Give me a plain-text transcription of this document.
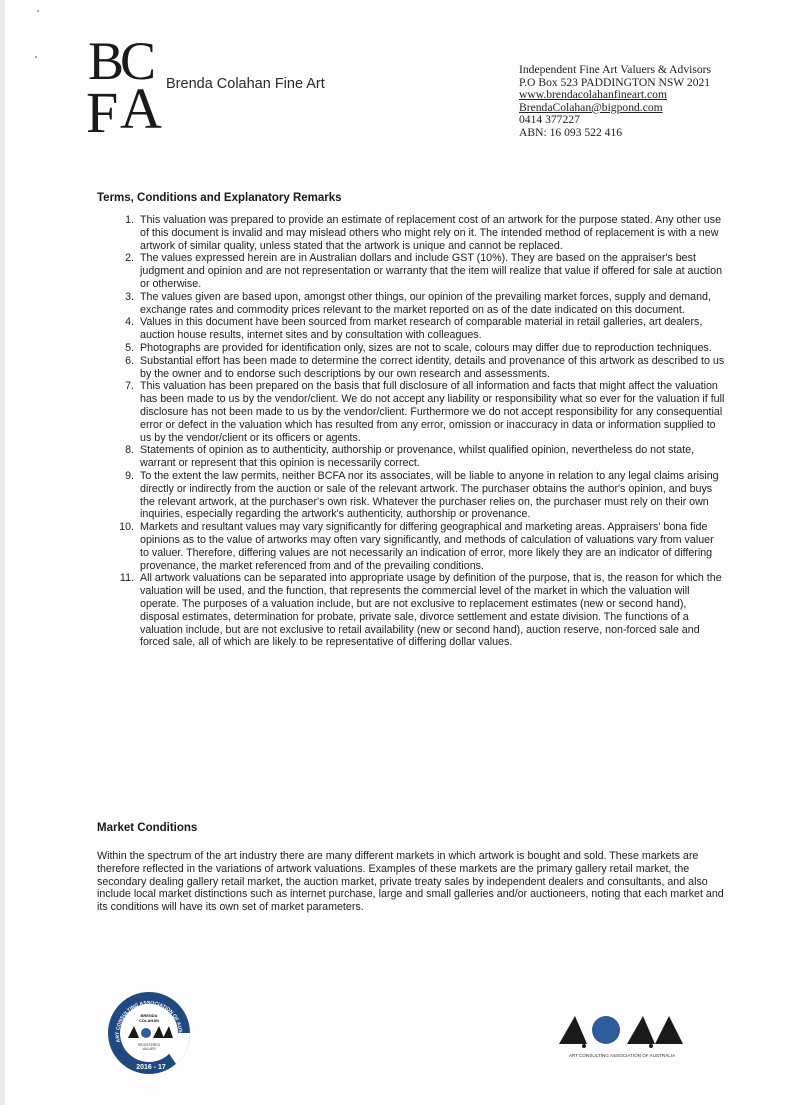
B
C
F A Brenda Colahan Fine Art
Independent Fine Art Valuers & Advisors
P.O Box 523 PADDINGTON NSW 2021
www.brendacolahanfineart.com
BrendaColahan@bigpond.com
0414 377227
ABN: 16 093 522 416
Terms, Conditions and Explanatory Remarks
1. This valuation was prepared to provide an estimate of replacement cost of an artwork for the purpose stated. Any other use of this document is invalid and may mislead others who might rely on it. The intended method of replacement is with a new artwork of similar quality, unless stated that the artwork is unique and cannot be replaced.
2. The values expressed herein are in Australian dollars and include GST (10%). They are based on the appraiser's best judgment and opinion and are not representation or warranty that the item will realize that value if offered for sale at auction or otherwise.
3. The values given are based upon, amongst other things, our opinion of the prevailing market forces, supply and demand, exchange rates and commodity prices relevant to the market reported on as of the date indicated on this document.
4. Values in this document have been sourced from market research of comparable material in retail galleries, art dealers, auction house results, internet sites and by consultation with colleagues.
5. Photographs are provided for identification only, sizes are not to scale, colours may differ due to reproduction techniques.
6. Substantial effort has been made to determine the correct identity, details and provenance of this artwork as described to us by the owner and to endorse such descriptions by our own research and assessments.
7. This valuation has been prepared on the basis that full disclosure of all information and facts that might affect the valuation has been made to us by the vendor/client. We do not accept any liability or responsibility what so ever for the valuation if full disclosure has not been made to us by the vendor/client. Furthermore we do not accept responsibility for any consequential error or defect in the valuation which has resulted from any error, omission or inaccuracy in data or information supplied to us by the vendor/client or its officers or agents.
8. Statements of opinion as to authenticity, authorship or provenance, whilst qualified opinion, nevertheless do not state, warrant or represent that this opinion is necessarily correct.
9. To the extent the law permits, neither BCFA nor its associates, will be liable to anyone in relation to any legal claims arising directly or indirectly from the auction or sale of the relevant artwork. The purchaser obtains the author's opinion, and buys the relevant artwork, at the purchaser's own risk. Whatever the purchaser relies on, the purchaser must rely on their own inquiries, especially regarding the artwork's authenticity, authorship or provenance.
10. Markets and resultant values may vary significantly for differing geographical and marketing areas. Appraisers' bona fide opinions as to the value of artworks may often vary significantly, and methods of calculation of valuations vary from valuer to valuer. Therefore, differing values are not necessarily an indication of error, more likely they are an indicator of differing provenance, the market referenced from and of the prevailing conditions.
11. All artwork valuations can be separated into appropriate usage by definition of the purpose, that is, the reason for which the valuation will be used, and the function, that represents the commercial level of the market in which the valuation will operate. The purposes of a valuation include, but are not exclusive to replacement estimates (new or second hand), disposal estimates, determination for probate, private sale, divorce settlement and estate division. The functions of a valuation include, but are not exclusive to retail availability (new or second hand), auction reserve, non-forced sale and forced sale, all of which are likely to be representative of differing dollar values.
Market Conditions

Within the spectrum of the art industry there are many different markets in which artwork is bought and sold. These markets are therefore reflected in the variations of artwork valuations. Examples of these markets are the primary gallery retail market, the secondary dealing gallery retail market, the auction market, private treaty sales by independent dealers and consultants, and also include local market distinctions such as internet purchase, large and small galleries and/or auctioneers, noting that each market and its conditions will have its own set of market parameters.

ART CONSULTING ASSOCIATION OF AUSTRA
BRENDA
COLAHAN
REGISTERED
VALUER
2016 - 17
ART CONSULTING ASSOCIATION OF AUSTRALIA
